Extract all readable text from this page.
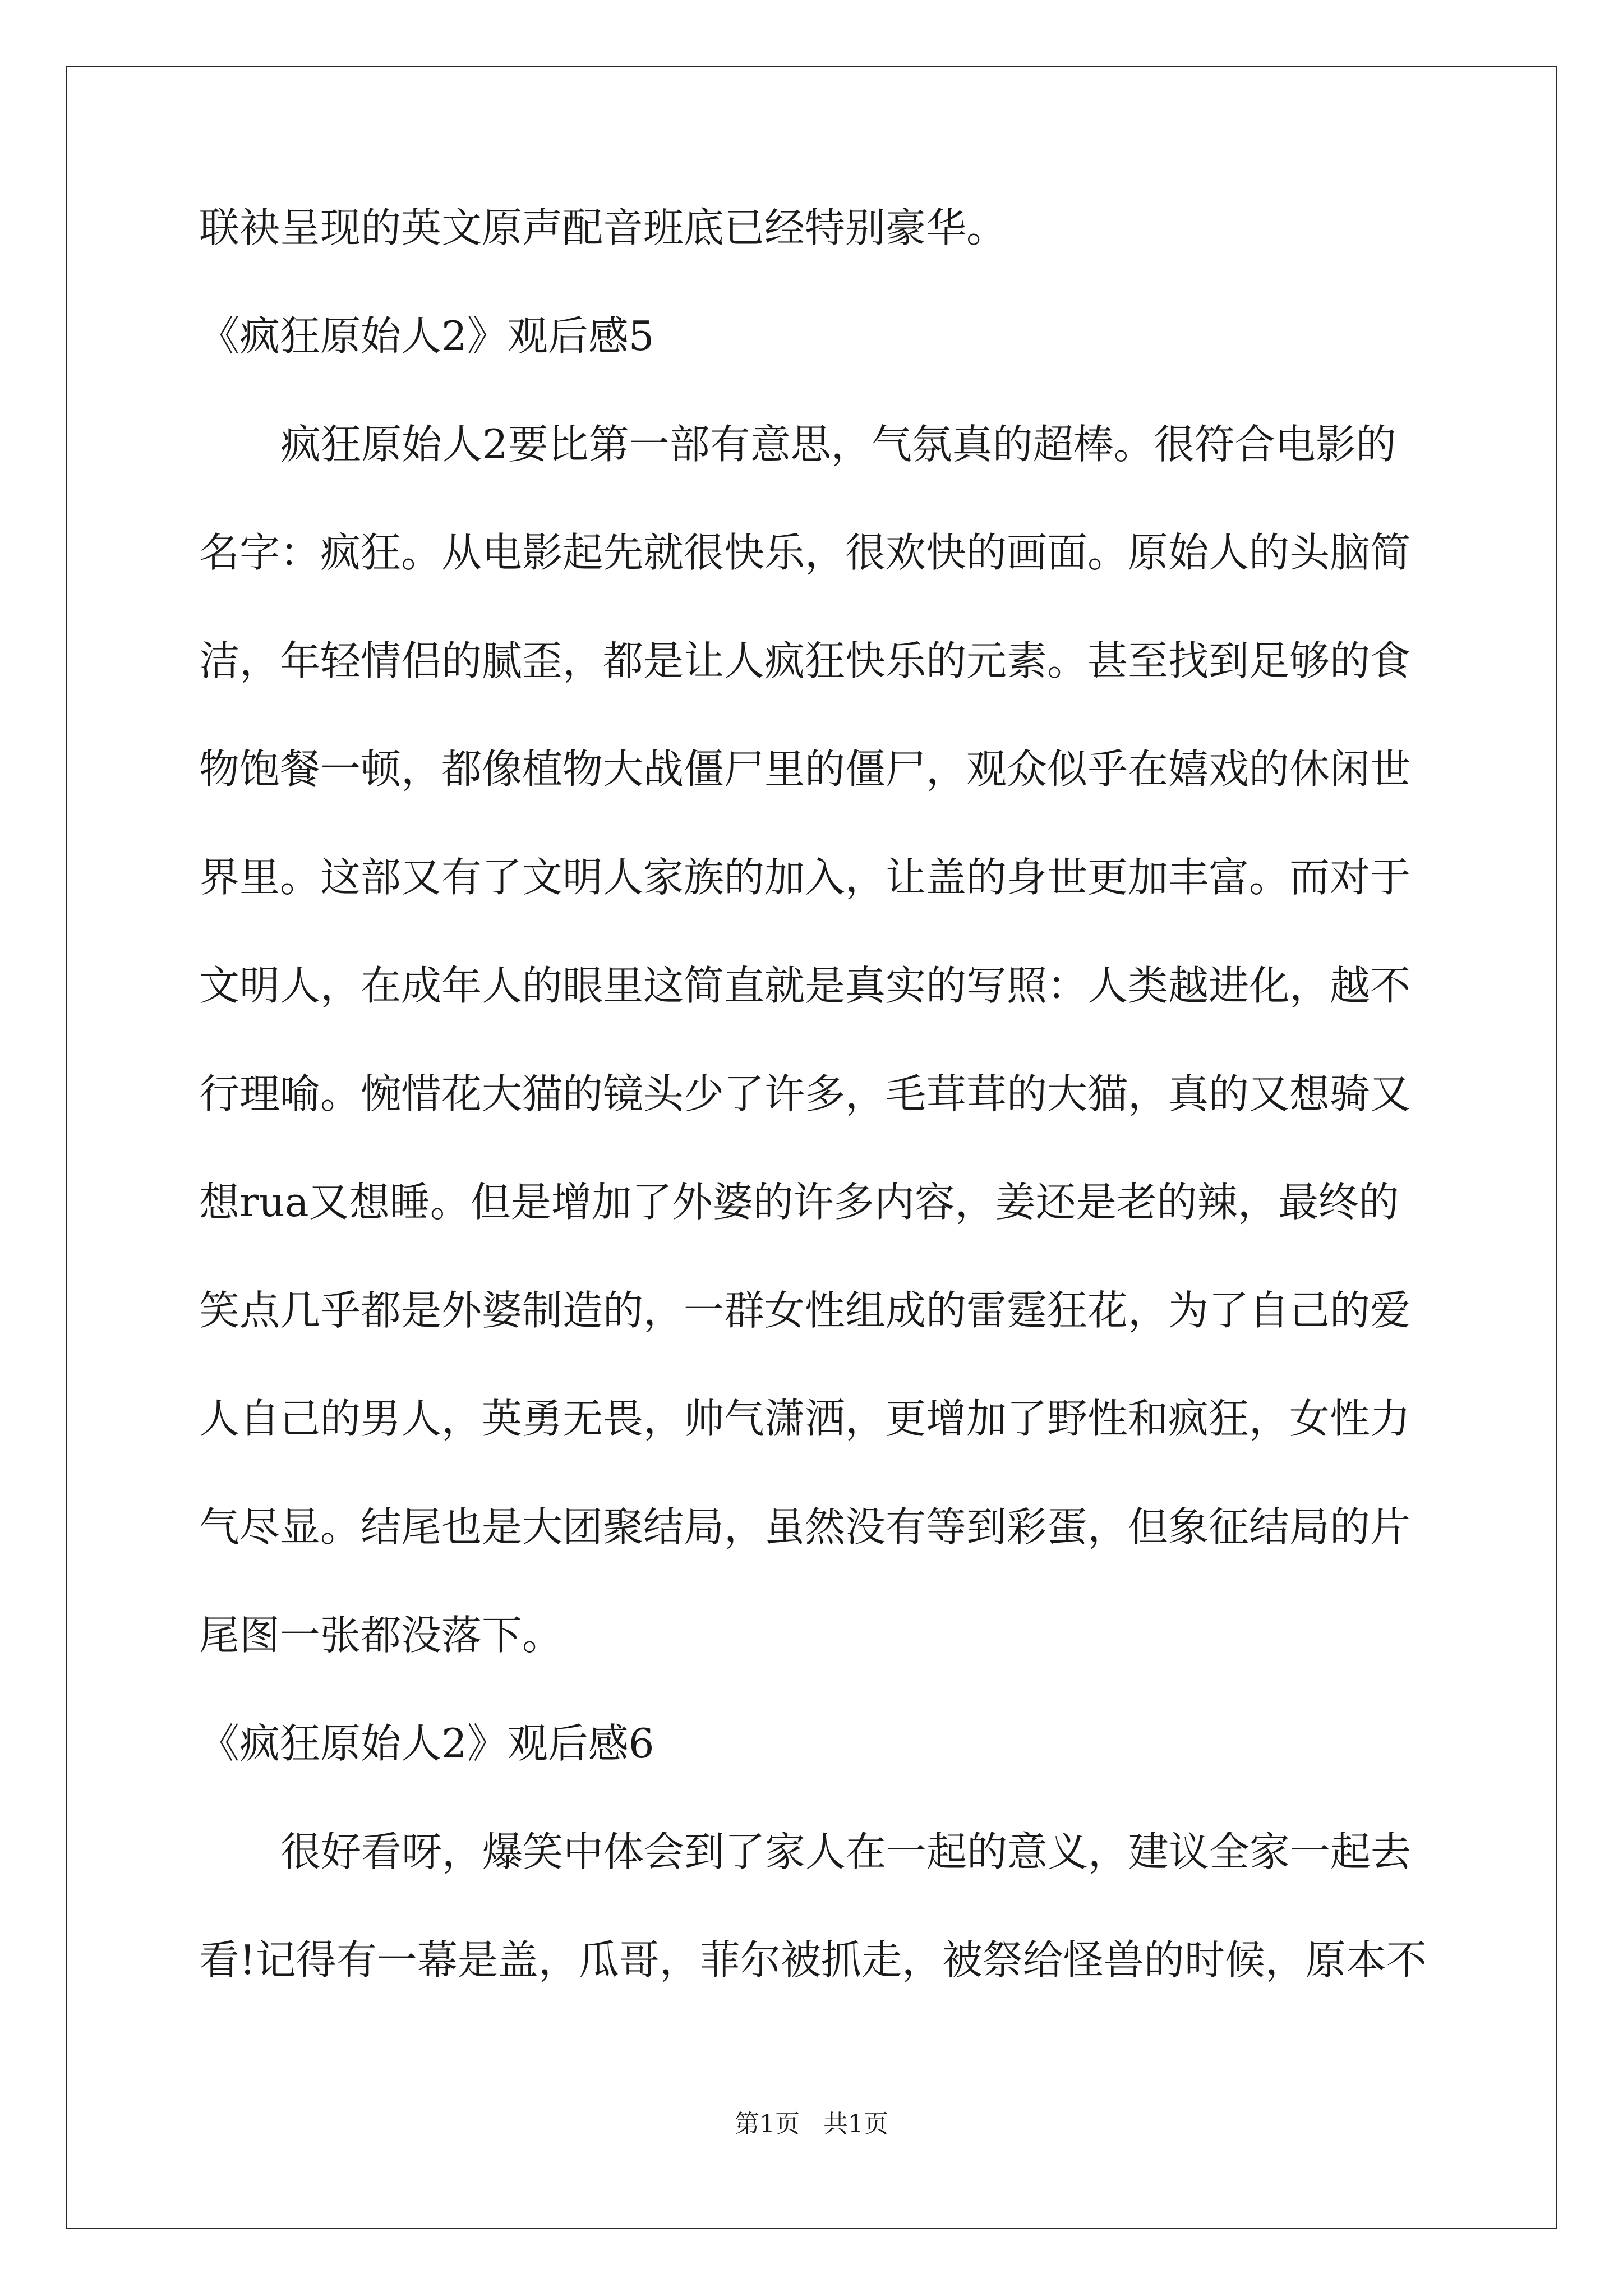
联袂呈现的英文原声配音班底已经特别豪华。

《疯狂原始人2》观后感5

疯狂原始人2要比第一部有意思，气氛真的超棒。很符合电影的

名字：疯狂。从电影起先就很快乐，很欢快的画面。原始人的头脑简

洁，年轻情侣的腻歪，都是让人疯狂快乐的元素。甚至找到足够的食

物饱餐一顿，都像植物大战僵尸里的僵尸，观众似乎在嬉戏的休闲世

界里。这部又有了文明人家族的加入，让盖的身世更加丰富。而对于

文明人，在成年人的眼里这简直就是真实的写照：人类越进化，越不

行理喻。惋惜花大猫的镜头少了许多，毛茸茸的大猫，真的又想骑又

想rua又想睡。但是增加了外婆的许多内容，姜还是老的辣，最终的

笑点几乎都是外婆制造的，一群女性组成的雷霆狂花，为了自己的爱

人自己的男人，英勇无畏，帅气潇洒，更增加了野性和疯狂，女性力

气尽显。结尾也是大团聚结局，虽然没有等到彩蛋，但象征结局的片

尾图一张都没落下。

《疯狂原始人2》观后感6

很好看呀，爆笑中体会到了家人在一起的意义，建议全家一起去

看!记得有一幕是盖，瓜哥，菲尔被抓走，被祭给怪兽的时候，原本不

第1页   共1页
